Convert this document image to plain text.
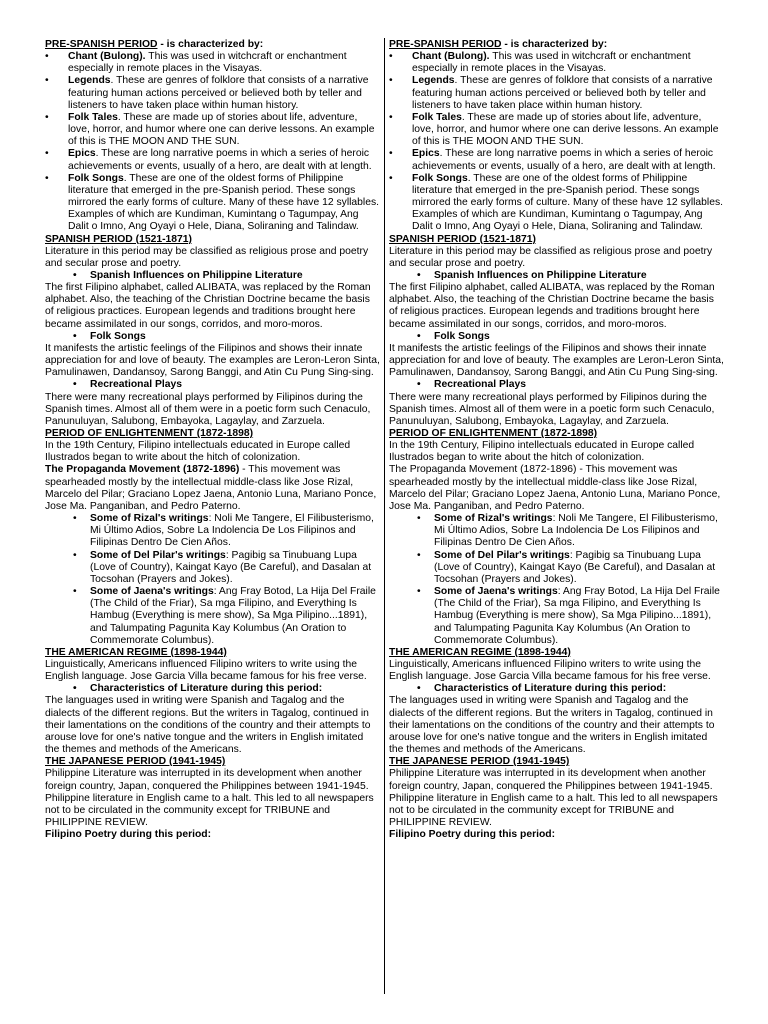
PRE-SPANISH PERIOD - is characterized by:

• Chant (Bulong). This was used in witchcraft or enchantment especially in remote places in the Visayas.

• Legends. These are genres of folklore that consists of a narrative featuring human actions perceived or believed both by teller and listeners to have taken place within human history.

• Folk Tales. These are made up of stories about life, adventure, love, horror, and humor where one can derive lessons. An example of this is THE MOON AND THE SUN.

• Epics. These are long narrative poems in which a series of heroic achievements or events, usually of a hero, are dealt with at length.

• Folk Songs. These are one of the oldest forms of Philippine literature that emerged in the pre-Spanish period. These songs mirrored the early forms of culture. Many of these have 12 syllables. Examples of which are Kundiman, Kumintang o Tagumpay, Ang Dalit o Imno, Ang Oyayi o Hele, Diana, Soliraning and Talindaw.

SPANISH PERIOD (1521-1871)

Literature in this period may be classified as religious prose and poetry and secular prose and poetry.

• Spanish Influences on Philippine Literature

The first Filipino alphabet, called ALIBATA, was replaced by the Roman alphabet. Also, the teaching of the Christian Doctrine became the basis of religious practices. European legends and traditions brought here became assimilated in our songs, corridos, and moro-moros.

• Folk Songs

It manifests the artistic feelings of the Filipinos and shows their innate appreciation for and love of beauty. The examples are Leron-Leron Sinta, Pamulinawen, Dandansoy, Sarong Banggi, and Atin Cu Pung Sing-sing.

• Recreational Plays

There were many recreational plays performed by Filipinos during the Spanish times. Almost all of them were in a poetic form such Cenaculo, Panunuluyan, Salubong, Embayoka, Lagaylay, and Zarzuela.

PERIOD OF ENLIGHTENMENT (1872-1898)

In the 19th Century, Filipino intellectuals educated in Europe called Ilustrados began to write about the hitch of colonization.

The Propaganda Movement (1872-1896) - This movement was spearheaded mostly by the intellectual middle-class like Jose Rizal, Marcelo del Pilar; Graciano Lopez Jaena, Antonio Luna, Mariano Ponce, Jose Ma. Panganiban, and Pedro Paterno.

• Some of Rizal's writings: Noli Me Tangere, El Filibusterismo, Mi Último Adios, Sobre La Indolencia De Los Filipinos and Filipinas Dentro De Cien Años.

• Some of Del Pilar's writings: Pagibig sa Tinubuang Lupa (Love of Country), Kaingat Kayo (Be Careful), and Dasalan at Tocsohan (Prayers and Jokes).

• Some of Jaena's writings: Ang Fray Botod, La Hija Del Fraile (The Child of the Friar), Sa mga Filipino, and Everything Is Hambug (Everything is mere show), Sa Mga Pilipino...1891), and Talumpating Pagunita Kay Kolumbus (An Oration to Commemorate Columbus).

THE AMERICAN REGIME (1898-1944)

Linguistically, Americans influenced Filipino writers to write using the English language. Jose Garcia Villa became famous for his free verse.

• Characteristics of Literature during this period:

The languages used in writing were Spanish and Tagalog and the dialects of the different regions. But the writers in Tagalog, continued in their lamentations on the conditions of the country and their attempts to arouse love for one's native tongue and the writers in English imitated the themes and methods of the Americans.

THE JAPANESE PERIOD (1941-1945)

Philippine Literature was interrupted in its development when another foreign country, Japan, conquered the Philippines between 1941-1945. Philippine literature in English came to a halt. This led to all newspapers not to be circulated in the community except for TRIBUNE and PHILIPPINE REVIEW.

Filipino Poetry during this period:

PRE-SPANISH PERIOD - is characterized by:

• Chant (Bulong). This was used in witchcraft or enchantment especially in remote places in the Visayas.

• Legends. These are genres of folklore that consists of a narrative featuring human actions perceived or believed both by teller and listeners to have taken place within human history.

• Folk Tales. These are made up of stories about life, adventure, love, horror, and humor where one can derive lessons. An example of this is THE MOON AND THE SUN.

• Epics. These are long narrative poems in which a series of heroic achievements or events, usually of a hero, are dealt with at length.

• Folk Songs. These are one of the oldest forms of Philippine literature that emerged in the pre-Spanish period. These songs mirrored the early forms of culture. Many of these have 12 syllables. Examples of which are Kundiman, Kumintang o Tagumpay, Ang Dalit o Imno, Ang Oyayi o Hele, Diana, Soliraning and Talindaw.

SPANISH PERIOD (1521-1871)

Literature in this period may be classified as religious prose and poetry and secular prose and poetry.

• Spanish Influences on Philippine Literature

The first Filipino alphabet, called ALIBATA, was replaced by the Roman alphabet. Also, the teaching of the Christian Doctrine became the basis of religious practices. European legends and traditions brought here became assimilated in our songs, corridos, and moro-moros.

• Folk Songs

It manifests the artistic feelings of the Filipinos and shows their innate appreciation for and love of beauty. The examples are Leron-Leron Sinta, Pamulinawen, Dandansoy, Sarong Banggi, and Atin Cu Pung Sing-sing.

• Recreational Plays

There were many recreational plays performed by Filipinos during the Spanish times. Almost all of them were in a poetic form such Cenaculo, Panunuluyan, Salubong, Embayoka, Lagaylay, and Zarzuela.

PERIOD OF ENLIGHTENMENT (1872-1898)

In the 19th Century, Filipino intellectuals educated in Europe called Ilustrados began to write about the hitch of colonization.

The Propaganda Movement (1872-1896) - This movement was spearheaded mostly by the intellectual middle-class like Jose Rizal, Marcelo del Pilar; Graciano Lopez Jaena, Antonio Luna, Mariano Ponce, Jose Ma. Panganiban, and Pedro Paterno.

• Some of Rizal's writings: Noli Me Tangere, El Filibusterismo, Mi Último Adios, Sobre La Indolencia De Los Filipinos and Filipinas Dentro De Cien Años.

• Some of Del Pilar's writings: Pagibig sa Tinubuang Lupa (Love of Country), Kaingat Kayo (Be Careful), and Dasalan at Tocsohan (Prayers and Jokes).

• Some of Jaena's writings: Ang Fray Botod, La Hija Del Fraile (The Child of the Friar), Sa mga Filipino, and Everything Is Hambug (Everything is mere show), Sa Mga Pilipino...1891), and Talumpating Pagunita Kay Kolumbus (An Oration to Commemorate Columbus).

THE AMERICAN REGIME (1898-1944)

Linguistically, Americans influenced Filipino writers to write using the English language. Jose Garcia Villa became famous for his free verse.

• Characteristics of Literature during this period:

The languages used in writing were Spanish and Tagalog and the dialects of the different regions. But the writers in Tagalog, continued in their lamentations on the conditions of the country and their attempts to arouse love for one's native tongue and the writers in English imitated the themes and methods of the Americans.

THE JAPANESE PERIOD (1941-1945)

Philippine Literature was interrupted in its development when another foreign country, Japan, conquered the Philippines between 1941-1945. Philippine literature in English came to a halt. This led to all newspapers not to be circulated in the community except for TRIBUNE and PHILIPPINE REVIEW.

Filipino Poetry during this period:
